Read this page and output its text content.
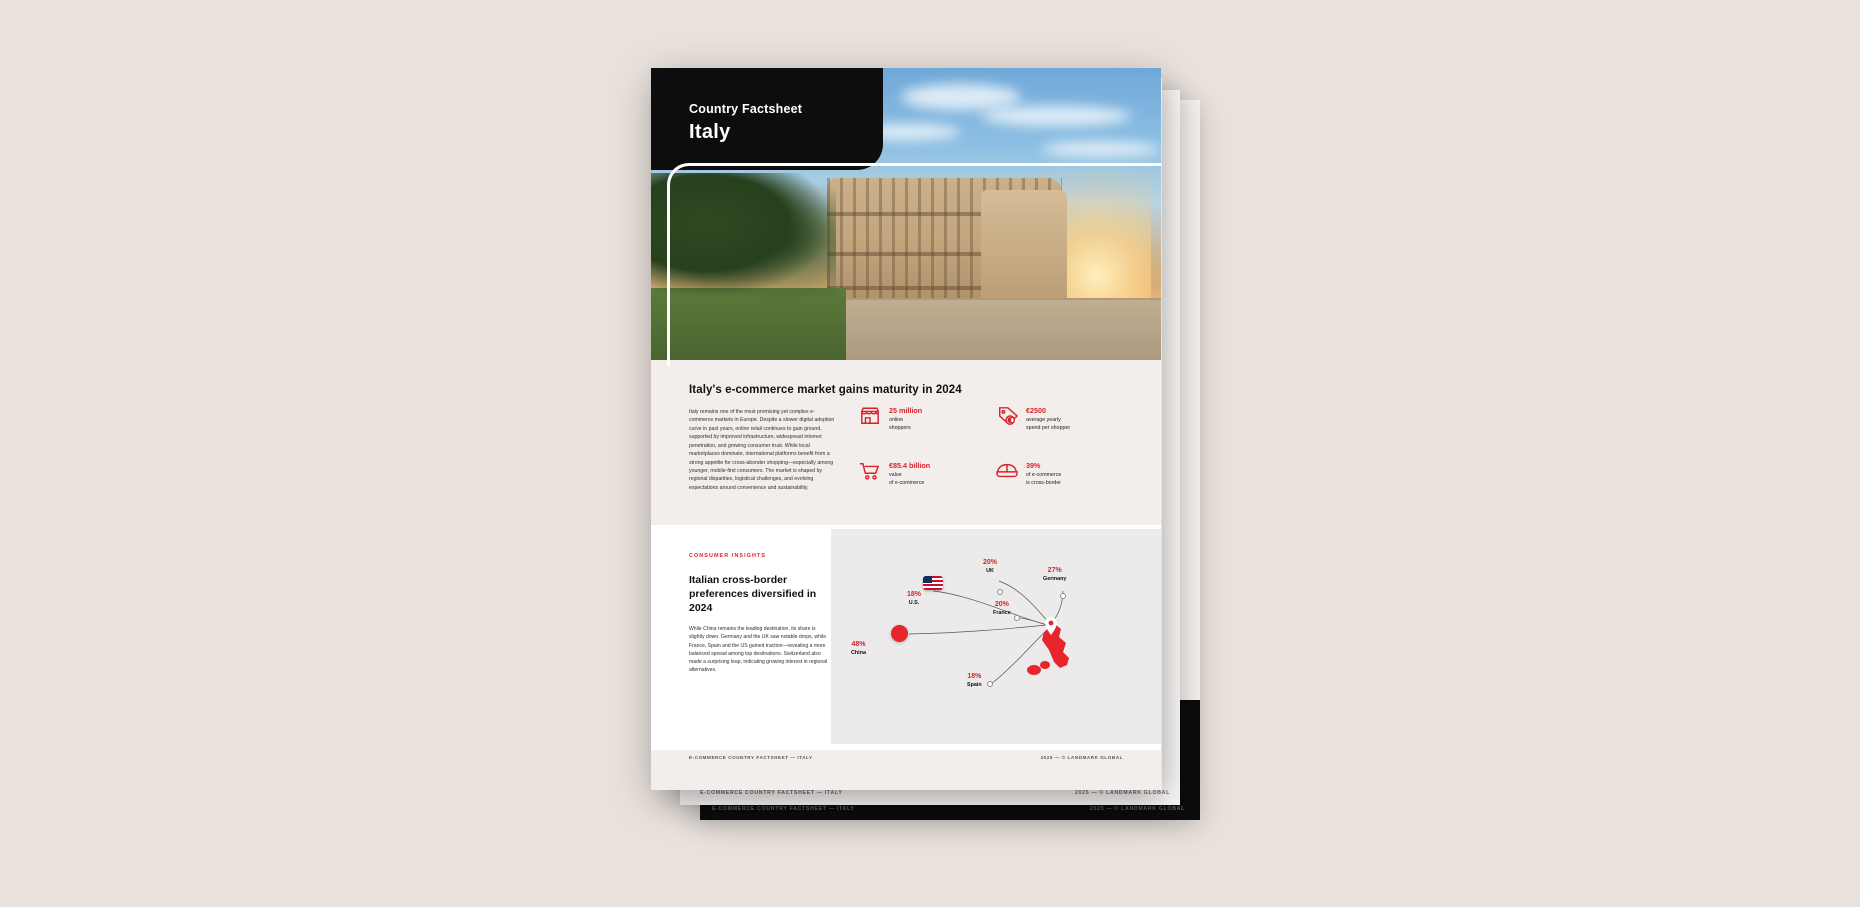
E-COMMERCE COUNTRY FACTSHEET — ITALY	2025 — © LANDMARK GLOBAL
E-COMMERCE COUNTRY FACTSHEET — ITALY	2025 — © LANDMARK GLOBAL
Country Factsheet
Italy
Italy's e-commerce market gains maturity in 2024
Italy remains one of the most promising yet complex e-commerce markets in Europe. Despite a slower digital adoption curve in past years, online retail continues to gain ground, supported by improved infrastructure, widespread internet penetration, and growing consumer trust. While local marketplaces dominate, international platforms benefit from a strong appetite for cross-abonder shopping—especially among younger, mobile-first consumers. The market is shaped by regional disparities, logistical challenges, and evolving expectations around convenience and sustainability.
25 million
online
shoppers
€2500
average yearly
spend per shopper
€85.4 billion
value
of e-commerce
39%
of e-commerce
is cross-border
CONSUMER INSIGHTS
Italian cross-border preferences diversified in 2024
While China remains the leading destination, its share is slightly down. Germany and the UK saw notable drops, while France, Spain and the US gained traction—revealing a more balanced spread among top destinations. Switzerland also made a surprising leap, indicating growing interest in regional alternatives.
48%
China
18%
U.S.
20%
UK	27%
Germany
20%
France
18%
Spain
E-COMMERCE COUNTRY FACTSHEET — ITALY	2025 — © LANDMARK GLOBAL
